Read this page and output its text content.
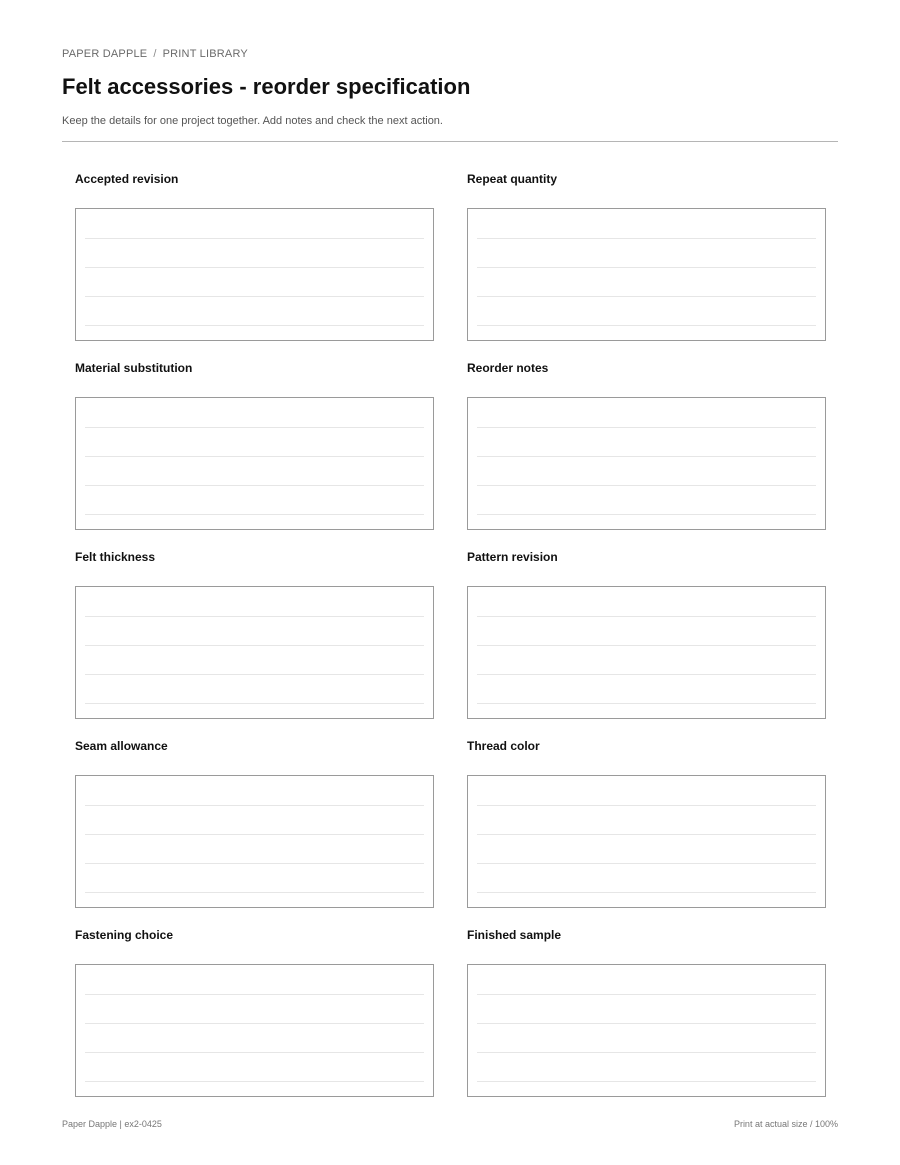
PAPER DAPPLE / PRINT LIBRARY
Felt accessories - reorder specification

Keep the details for one project together. Add notes and check the next action.

Accepted revision	Repeat quantity
Material substitution	Reorder notes
Felt thickness	Pattern revision
Seam allowance	Thread color
Fastening choice	Finished sample
Paper Dapple | ex2-0425	Print at actual size / 100%
